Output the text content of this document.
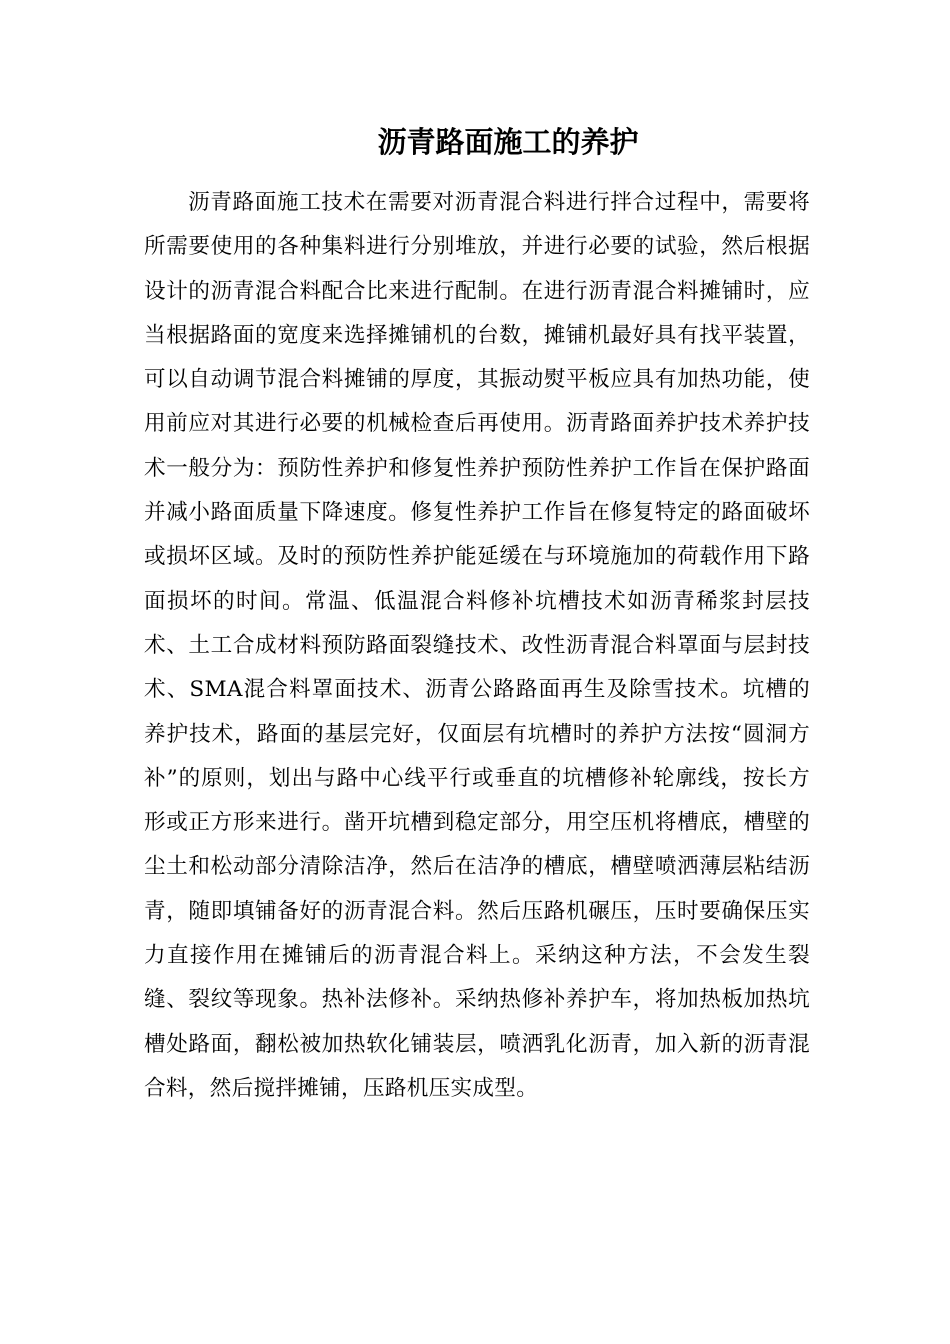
沥青路面施工的养护

沥青路面施工技术在需要对沥青混合料进行拌合过程中，需要将所需要使用的各种集料进行分别堆放，并进行必要的试验，然后根据设计的沥青混合料配合比来进行配制。在进行沥青混合料摊铺时，应当根据路面的宽度来选择摊铺机的台数，摊铺机最好具有找平装置，可以自动调节混合料摊铺的厚度，其振动熨平板应具有加热功能，使用前应对其进行必要的机械检查后再使用。沥青路面养护技术养护技术一般分为：预防性养护和修复性养护预防性养护工作旨在保护路面并减小路面质量下降速度。修复性养护工作旨在修复特定的路面破坏或损坏区域。及时的预防性养护能延缓在与环境施加的荷载作用下路面损坏的时间。常温、低温混合料修补坑槽技术如沥青稀浆封层技术、土工合成材料预防路面裂缝技术、改性沥青混合料罩面与层封技术、SMA混合料罩面技术、沥青公路路面再生及除雪技术。坑槽的养护技术，路面的基层完好，仅面层有坑槽时的养护方法按“圆洞方补”的原则，划出与路中心线平行或垂直的坑槽修补轮廓线，按长方形或正方形来进行。凿开坑槽到稳定部分，用空压机将槽底，槽壁的尘土和松动部分清除洁净，然后在洁净的槽底，槽壁喷洒薄层粘结沥青，随即填铺备好的沥青混合料。然后压路机碾压，压时要确保压实力直接作用在摊铺后的沥青混合料上。采纳这种方法，不会发生裂缝、裂纹等现象。热补法修补。采纳热修补养护车，将加热板加热坑槽处路面，翻松被加热软化铺装层，喷洒乳化沥青，加入新的沥青混合料，然后搅拌摊铺，压路机压实成型。
